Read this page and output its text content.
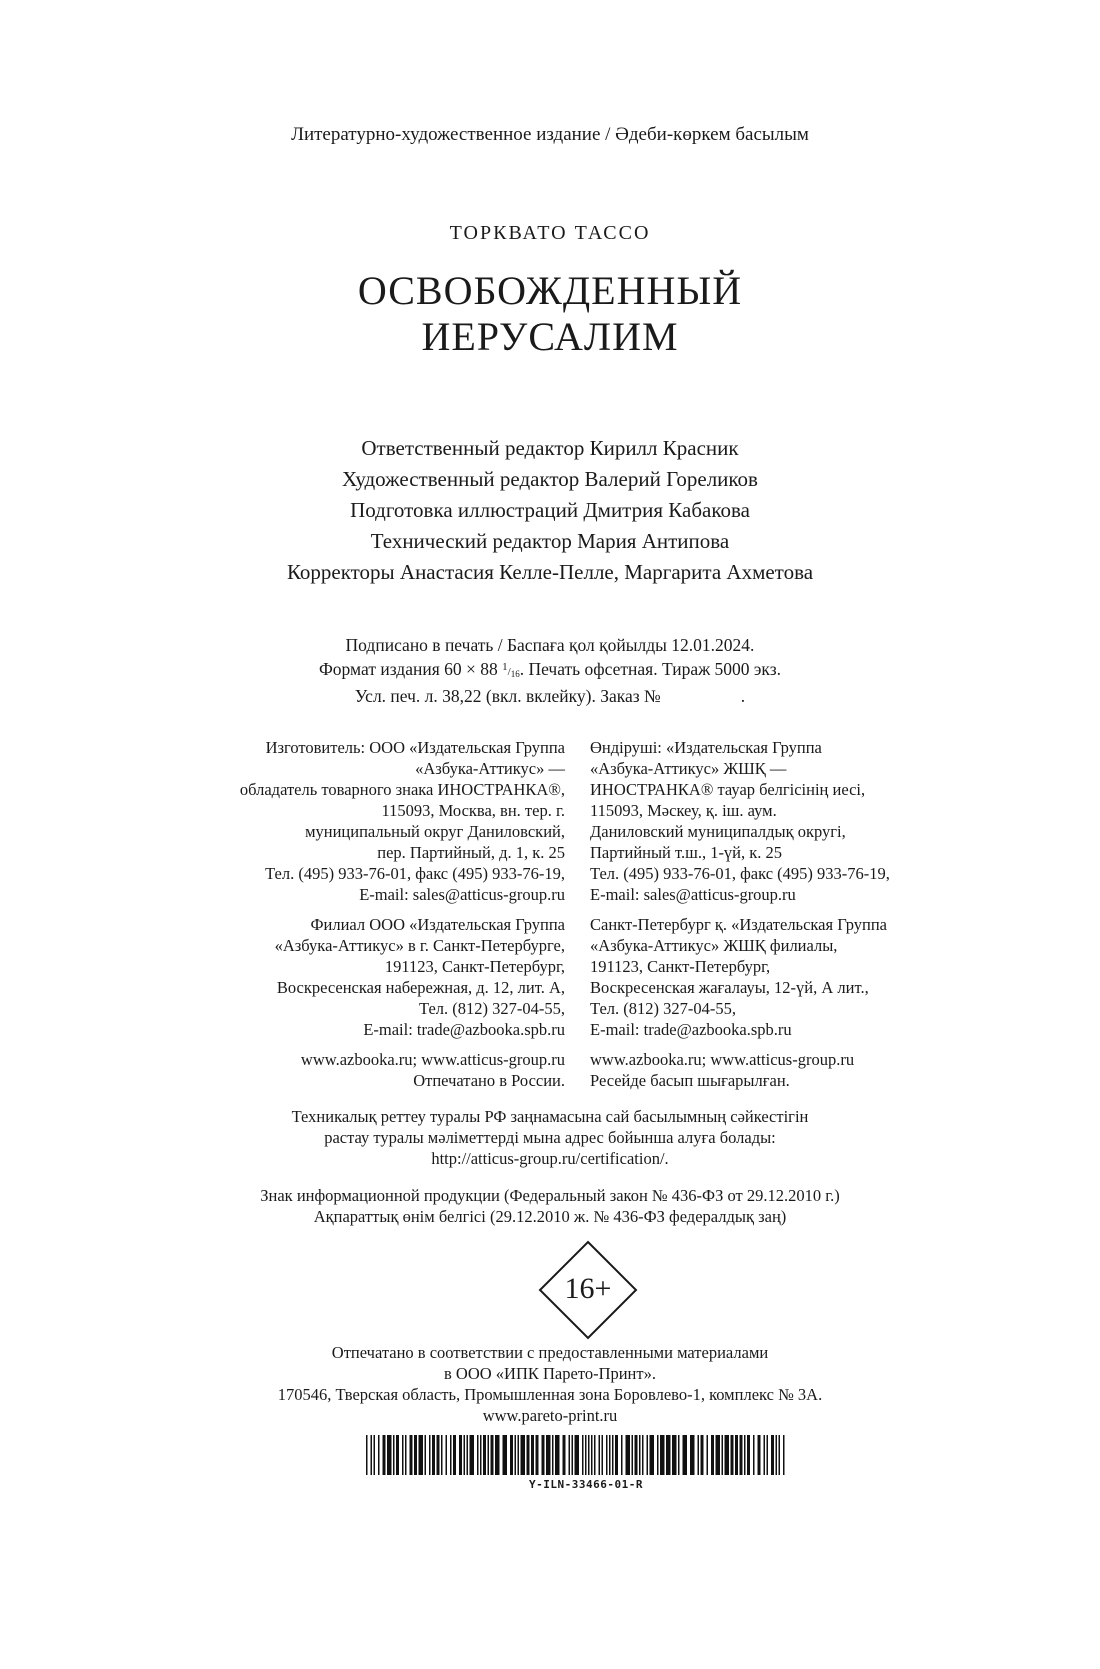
Литературно-художественное издание / Әдеби-көркем басылым
ТОРКВАТО ТАССО
ОСВОБОЖДЕННЫЙ
ИЕРУСАЛИМ
Ответственный редактор Кирилл Красник
Художественный редактор Валерий Гореликов
Подготовка иллюстраций Дмитрия Кабакова
Технический редактор Мария Антипова
Корректоры Анастасия Келле-Пелле, Маргарита Ахметова
Подписано в печать / Баспаға қол қойылды 12.01.2024.
Формат издания 60 × 88 $^1/_{16}$. Печать офсетная. Тираж 5000 экз.
Усл. печ. л. 38,22 (вкл. вклейку). Заказ №	.
Изготовитель: ООО «Издательская Группа
«Азбука-Аттикус» —
обладатель товарного знака ИНОСТРАНКА®,
115093, Москва, вн. тер. г.
муниципальный округ Даниловский,
пер. Партийный, д. 1, к. 25
Тел. (495) 933-76-01, факс (495) 933-76-19,
E-mail: sales@atticus-group.ru
Филиал ООО «Издательская Группа
«Азбука-Аттикус» в г. Санкт-Петербурге,
191123, Санкт-Петербург,
Воскресенская набережная, д. 12, лит. А,
Тел. (812) 327-04-55,
E-mail: trade@azbooka.spb.ru
www.azbooka.ru; www.atticus-group.ru
Отпечатано в России.
Өндіруші: «Издательская Группа
«Азбука-Аттикус» ЖШҚ —
ИНОСТРАНКА® тауар белгісінің иесі,
115093, Мәскеу, қ. іш. аум.
Даниловский муниципалдық округі,
Партийный т.ш., 1-үй, к. 25
Тел. (495) 933-76-01, факс (495) 933-76-19,
E-mail: sales@atticus-group.ru
Санкт-Петербург қ. «Издательская Группа
«Азбука-Аттикус» ЖШҚ филиалы,
191123, Санкт-Петербург,
Воскресенская жағалауы, 12-үй, А лит.,
Тел. (812) 327-04-55,
E-mail: trade@azbooka.spb.ru
www.azbooka.ru; www.atticus-group.ru
Ресейде басып шығарылған.
Техникалық реттеу туралы РФ заңнамасына сай басылымның сәйкестігін
растау туралы мәліметтерді мына адрес бойынша алуға болады:
http://atticus-group.ru/certification/.
Знак информационной продукции (Федеральный закон № 436-ФЗ от 29.12.2010 г.)
Ақпараттық өнім белгісі (29.12.2010 ж. № 436-ФЗ федералдық заң)
16+
Отпечатано в соответствии с предоставленными материалами
в ООО «ИПК Парето-Принт».
170546, Тверская область, Промышленная зона Боровлево-1, комплекс № 3А.
www.pareto-print.ru
Y-ILN-33466-01-R
